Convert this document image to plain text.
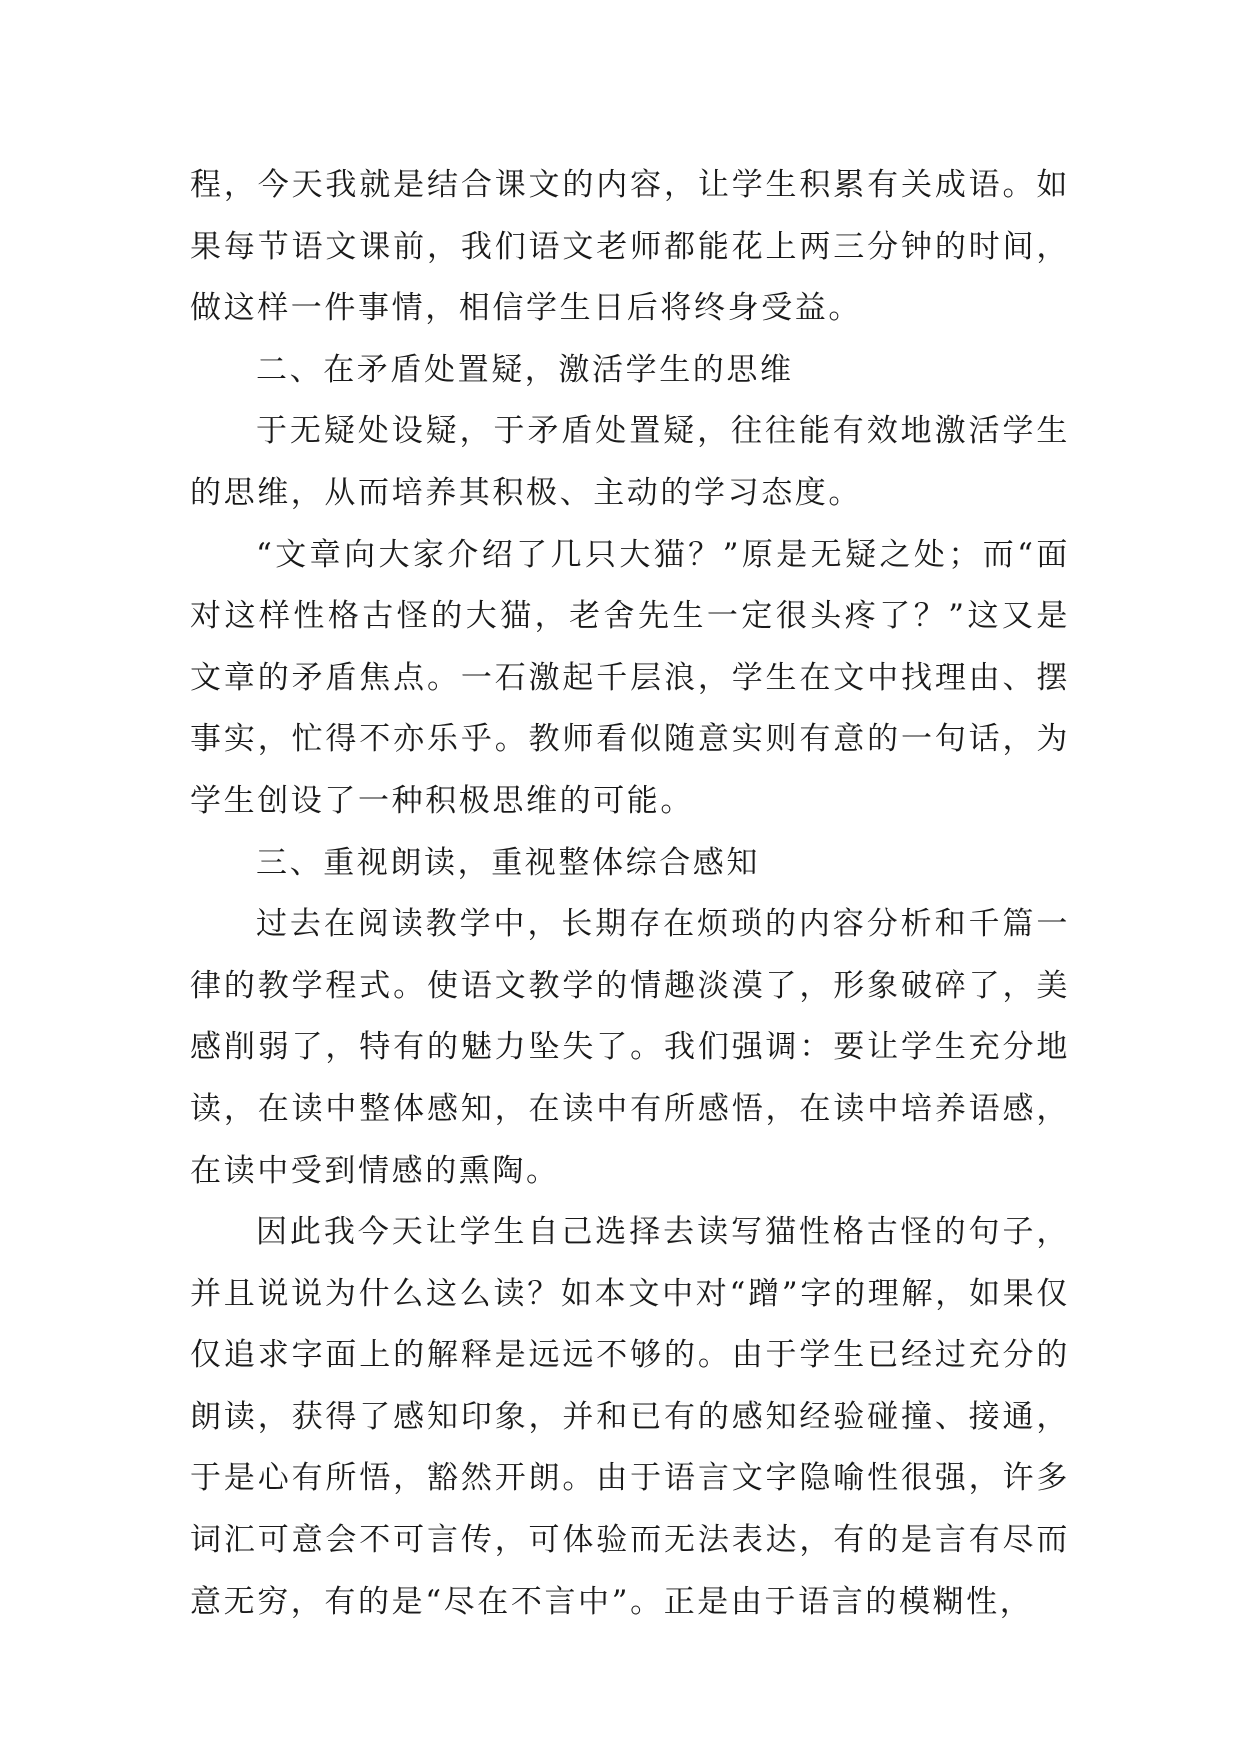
程，今天我就是结合课文的内容，让学生积累有关成语。如果每节语文课前，我们语文老师都能花上两三分钟的时间，做这样一件事情，相信学生日后将终身受益。

二、在矛盾处置疑，激活学生的思维

于无疑处设疑，于矛盾处置疑，往往能有效地激活学生的思维，从而培养其积极、主动的学习态度。

“文章向大家介绍了几只大猫？”原是无疑之处；而“面对这样性格古怪的大猫，老舍先生一定很头疼了？”这又是文章的矛盾焦点。一石激起千层浪，学生在文中找理由、摆事实，忙得不亦乐乎。教师看似随意实则有意的一句话，为学生创设了一种积极思维的可能。

三、重视朗读，重视整体综合感知

过去在阅读教学中，长期存在烦琐的内容分析和千篇一律的教学程式。使语文教学的情趣淡漠了，形象破碎了，美感削弱了，特有的魅力坠失了。我们强调：要让学生充分地读，在读中整体感知，在读中有所感悟，在读中培养语感，在读中受到情感的熏陶。

因此我今天让学生自己选择去读写猫性格古怪的句子，并且说说为什么这么读？如本文中对“蹭”字的理解，如果仅仅追求字面上的解释是远远不够的。由于学生已经过充分的朗读，获得了感知印象，并和已有的感知经验碰撞、接通，于是心有所悟，豁然开朗。由于语言文字隐喻性很强，许多词汇可意会不可言传，可体验而无法表达，有的是言有尽而意无穷，有的是“尽在不言中”。正是由于语言的模糊性，
